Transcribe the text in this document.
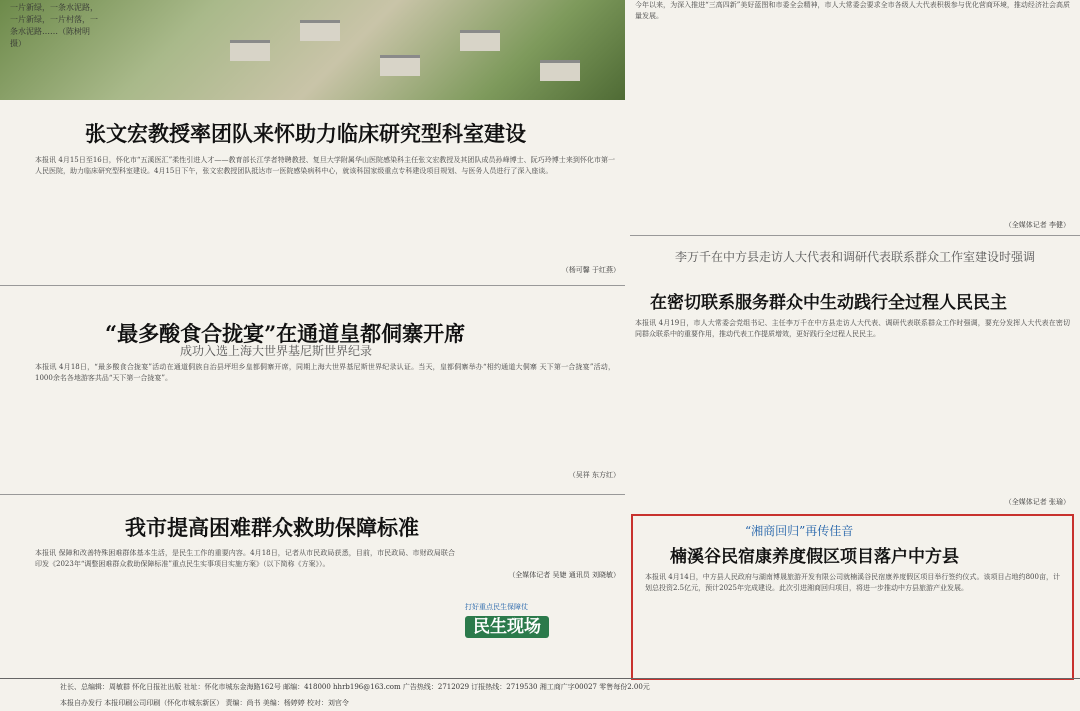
一片新绿，一条水泥路，一片新绿，一片村落，一条水泥路……（陈树明 摄）
张文宏教授率团队来怀助力临床研究型科室建设
本报讯 4月15日至16日，怀化市“五溪医汇”柔性引进人才——教育部长江学者特聘教授、复旦大学附属华山医院感染科主任张文宏教授及其团队成员孙峰博士、阮巧玲博士来到怀化市第一人民医院，助力临床研究型科室建设。4月15日下午，张文宏教授团队抵达市一医院感染病科中心，就该科国家级重点专科建设项目规划、与医务人员进行了深入座谈。
（杨可馨 于红燕）
“最多酸食合拢宴”在通道皇都侗寨开席
成功入选上海大世界基尼斯世界纪录
本报讯 4月18日，“最多酸食合拢宴”活动在通道侗族自治县坪坦乡皇都侗寨开席，同期上海大世界基尼斯世界纪录认证。当天，皇都侗寨举办“相约通道大侗寨 天下第一合拢宴”活动，1000余名各地游客共品“天下第一合拢宴”。
（吴祥 东方红）
我市提高困难群众救助保障标准
本报讯 保障和改善特殊困难群体基本生活，是民生工作的重要内容。4月18日，记者从市民政局获悉，目前，市民政局、市财政局联合印发《2023年“调整困难群众救助保障标准”重点民生实事项目实施方案》（以下简称《方案》）。
（全媒体记者 吴婕 通讯员 刘晓敏）
打好重点民生保障仗
民生现场
今年以来，为深入推进“三高四新”美好蓝图和市委全会精神，市人大常委会要求全市各级人大代表积极参与优化营商环境，推动经济社会高质量发展。
（全媒体记者 李健）
李万千在中方县走访人大代表和调研代表联系群众工作室建设时强调
在密切联系服务群众中生动践行全过程人民民主
本报讯 4月19日，市人大常委会党组书记、主任李万千在中方县走访人大代表、调研代表联系群众工作时强调，要充分发挥人大代表在密切同群众联系中的重要作用，推动代表工作提质增效，更好践行全过程人民民主。
（全媒体记者 张瑜）
“湘商回归”再传佳音
楠溪谷民宿康养度假区项目落户中方县
本报讯 4月14日，中方县人民政府与湖南博晟旅游开发有限公司就楠溪谷民宿康养度假区项目举行签约仪式。该项目占地约800亩，计划总投资2.5亿元，预计2025年完成建设。此次引进湘商回归项目，将进一步推动中方县旅游产业发展。
社长、总编辑：周敏群 怀化日报社出版 社址：怀化市城东金海路162号 邮编：418000 hhrb196@163.com 广告热线：2712029 订报热线：2719530 湘工商广字00027 零售每份2.00元
本报自办发行 本报印刷公司印刷（怀化市城东新区） 责编：尚书 美编：杨婷婷 校对：刘官令
